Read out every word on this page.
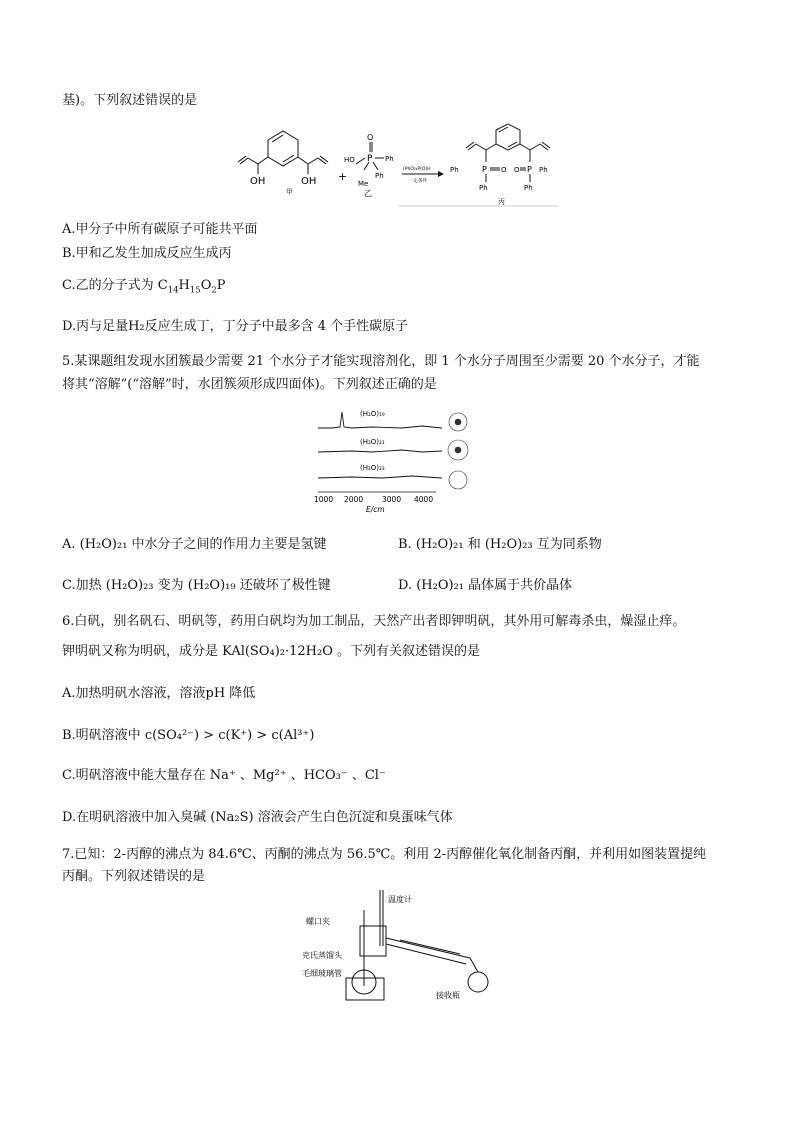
基)。下列叙述错误的是
OH	OH
甲
+
O
P Ph
HO
Ph
Me
乙
(PhO)₂P(O)H
一定条件
P O O P
Ph	Ph
Ph	Ph
丙
A.甲分子中所有碳原子可能共平面
B.甲和乙发生加成反应生成丙
C.乙的分子式为 $C_{14}H_{15}O_2P$
D.丙与足量H₂反应生成丁，丁分子中最多含 4 个手性碳原子
5.某课题组发现水团簇最少需要 21 个水分子才能实现溶剂化，即 1 个水分子周围至少需要 20 个水分子，才能
将其“溶解”(“溶解”时，水团簇须形成四面体)。下列叙述正确的是
(H₂O)₁₉
(H₂O)₂₁
(H₂O)₂₃
1000 2000	3000 4000
E/cm
A. (H₂O)₂₁ 中水分子之间的作用力主要是氢键	B. (H₂O)₂₁ 和 (H₂O)₂₃ 互为同系物
C.加热 (H₂O)₂₃ 变为 (H₂O)₁₉ 还破坏了极性键	D. (H₂O)₂₁ 晶体属于共价晶体
6.白矾，别名矾石、明矾等，药用白矾均为加工制品，天然产出者即钾明矾，其外用可解毒杀虫，燥湿止痒。
钾明矾又称为明矾，成分是 KAl(SO₄)₂·12H₂O 。下列有关叙述错误的是
A.加热明矾水溶液，溶液pH 降低
B.明矾溶液中 c(SO₄²⁻) > c(K⁺) > c(Al³⁺)
C.明矾溶液中能大量存在 Na⁺ 、Mg²⁺ 、HCO₃⁻ 、Cl⁻
D.在明矾溶液中加入臭碱 (Na₂S) 溶液会产生白色沉淀和臭蛋味气体
7.已知：2-丙醇的沸点为 84.6℃、丙酮的沸点为 56.5℃。利用 2-丙醇催化氧化制备丙酮，并利用如图装置提纯
丙酮。下列叙述错误的是
螺口夹
温度计
克氏蒸馏头
毛细玻璃管
接收瓶
